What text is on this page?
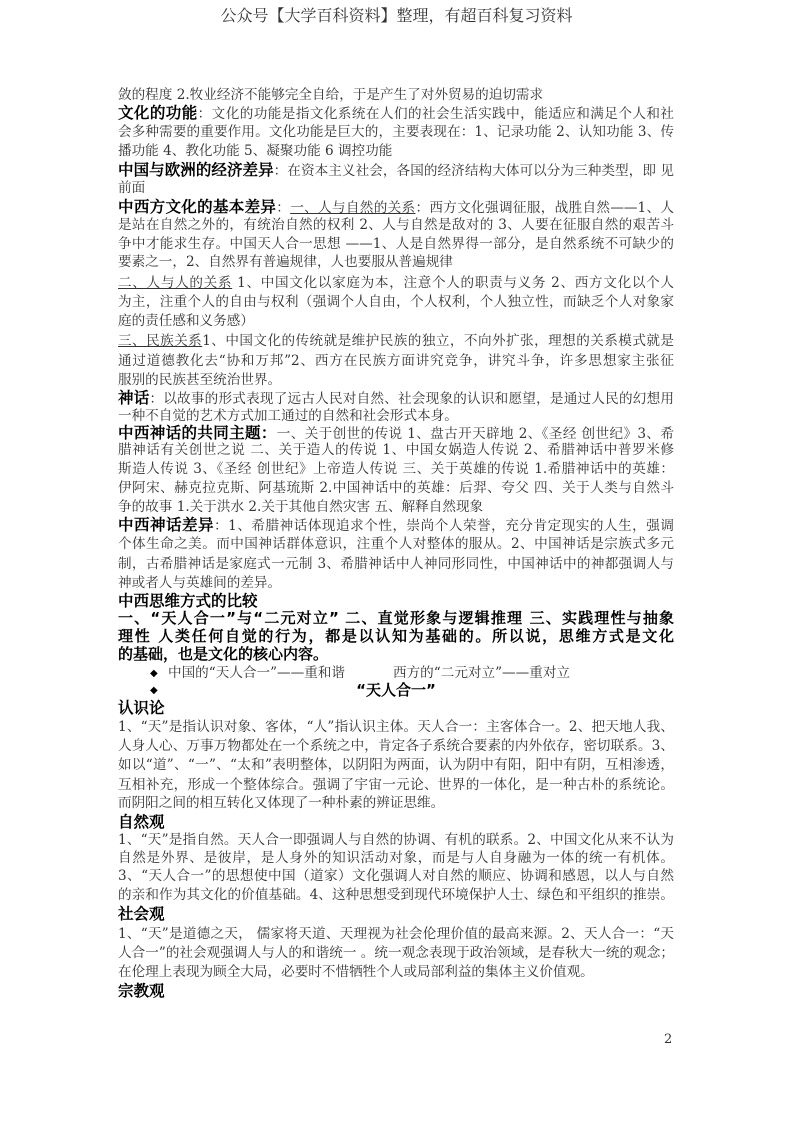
公众号【大学百科资料】整理，有超百科复习资料
敛的程度 2.牧业经济不能够完全自给，于是产生了对外贸易的迫切需求
文化的功能：文化的功能是指文化系统在人们的社会生活实践中，能适应和满足个人和社
会多种需要的重要作用。文化功能是巨大的，主要表现在：1、记录功能 2、认知功能 3、传
播功能 4、教化功能 5、凝聚功能 6 调控功能
中国与欧洲的经济差异：在资本主义社会，各国的经济结构大体可以分为三种类型，即 见
前面
中西方文化的基本差异：一、人与自然的关系：西方文化强调征服，战胜自然——1、人
是站在自然之外的，有统治自然的权利 2、人与自然是敌对的 3、人要在征服自然的艰苦斗
争中才能求生存。中国天人合一思想 ——1、人是自然界得一部分，是自然系统不可缺少的
要素之一，2、自然界有普遍规律，人也要服从普遍规律
二、人与人的关系 1、中国文化以家庭为本，注意个人的职责与义务 2、西方文化以个人
为主，注重个人的自由与权利（强调个人自由，个人权利，个人独立性，而缺乏个人对象家
庭的责任感和义务感）
三、民族关系1、中国文化的传统就是维护民族的独立，不向外扩张，理想的关系模式就是
通过道德教化去“协和万邦”2、西方在民族方面讲究竞争，讲究斗争，许多思想家主张征
服别的民族甚至统治世界。
神话：以故事的形式表现了远古人民对自然、社会现象的认识和愿望，是通过人民的幻想用
一种不自觉的艺术方式加工通过的自然和社会形式本身。
中西神话的共同主题：一、关于创世的传说 1、盘古开天辟地 2、《圣经 创世纪》3、希
腊神话有关创世之说 二、关于造人的传说 1、中国女娲造人传说 2、希腊神话中普罗米修
斯造人传说 3、《圣经 创世纪》上帝造人传说 三、关于英雄的传说 1.希腊神话中的英雄：
伊阿宋、赫克拉克斯、阿基琉斯 2.中国神话中的英雄：后羿、夸父 四、关于人类与自然斗
争的故事 1.关于洪水 2.关于其他自然灾害 五、解释自然现象
中西神话差异：1、希腊神话体现追求个性，崇尚个人荣誉，充分肯定现实的人生，强调
个体生命之美。而中国神话群体意识，注重个人对整体的服从。2、中国神话是宗族式多元
制，古希腊神话是家庭式一元制 3、希腊神话中人神同形同性，中国神话中的神都强调人与
神或者人与英雄间的差异。
中西思维方式的比较
一、“天人合一”与“二元对立” 二、直觉形象与逻辑推理 三、实践理性与抽象
理性 人类任何自觉的行为，都是以认知为基础的。所以说，思维方式是文化
的基础，也是文化的核心内容。
认识论
1、“天”是指认识对象、客体，“人”指认识主体。天人合一：主客体合一。2、把天地人我、
人身人心、万事万物都处在一个系统之中，肯定各子系统合要素的内外依存，密切联系。3、
如以“道”、“一”、“太和”表明整体，以阴阳为两面，认为阴中有阳，阳中有阴，互相渗透，
互相补充，形成一个整体综合。强调了宇宙一元论、世界的一体化，是一种古朴的系统论。
而阴阳之间的相互转化又体现了一种朴素的辨证思维。
自然观
1、“天”是指自然。天人合一即强调人与自然的协调、有机的联系。2、中国文化从来不认为
自然是外界、是彼岸，是人身外的知识活动对象，而是与人自身融为一体的统一有机体。
3、“天人合一”的思想使中国（道家）文化强调人对自然的顺应、协调和感恩，以人与自然
的亲和作为其文化的价值基础。4、这种思想受到现代环境保护人士、绿色和平组织的推崇。
社会观
1、“天”是道德之天， 儒家将天道、天理视为社会伦理价值的最高来源。2、天人合一：“天
人合一”的社会观强调人与人的和谐统一 。统一观念表现于政治领域，是春秋大一统的观念；
在伦理上表现为顾全大局，必要时不惜牺牲个人或局部利益的集体主义价值观。
宗教观
◆ 中国的“天人合一”——重和谐	西方的“二元对立”——重对立
◆	“天人合一”
2
